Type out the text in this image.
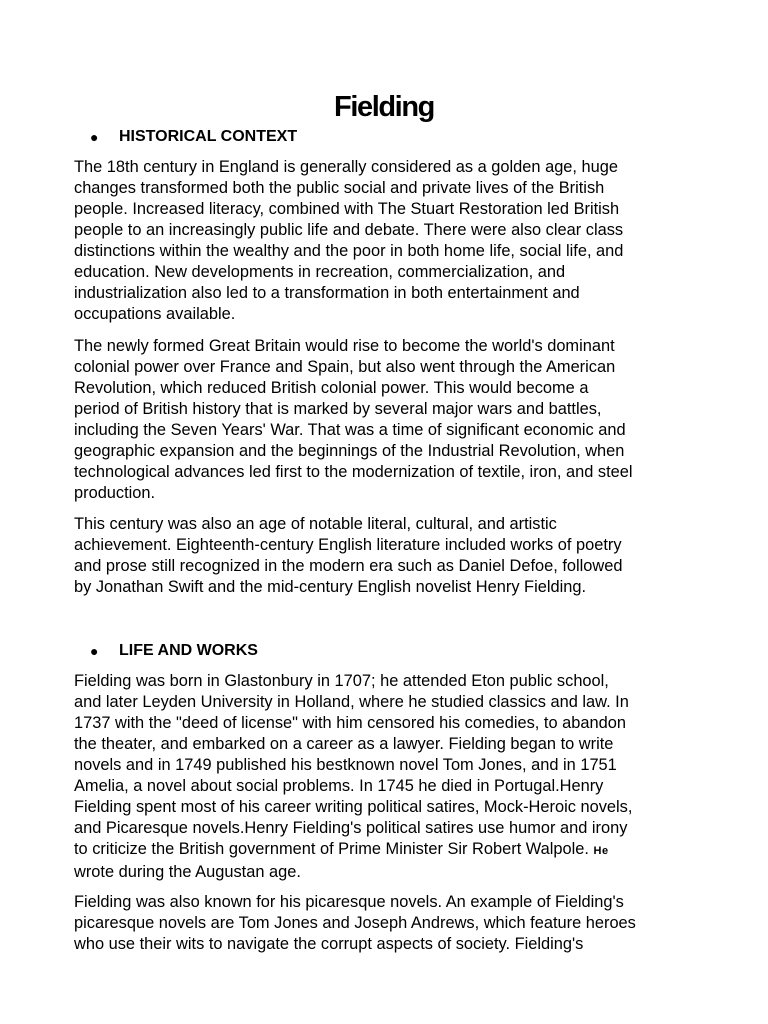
Fielding
● HISTORICAL CONTEXT

The 18th century in England is generally considered as a golden age, huge
changes transformed both the public social and private lives of the British
people. Increased literacy, combined with The Stuart Restoration led British
people to an increasingly public life and debate. There were also clear class
distinctions within the wealthy and the poor in both home life, social life, and
education. New developments in recreation, commercialization, and
industrialization also led to a transformation in both entertainment and
occupations available.

The newly formed Great Britain would rise to become the world's dominant
colonial power over France and Spain, but also went through the American
Revolution, which reduced British colonial power. This would become a
period of British history that is marked by several major wars and battles,
including the Seven Years' War. That was a time of significant economic and
geographic expansion and the beginnings of the Industrial Revolution, when
technological advances led first to the modernization of textile, iron, and steel
production.

This century was also an age of notable literal, cultural, and artistic
achievement. Eighteenth-century English literature included works of poetry
and prose still recognized in the modern era such as Daniel Defoe, followed
by Jonathan Swift and the mid-century English novelist Henry Fielding.

● LIFE AND WORKS

Fielding was born in Glastonbury in 1707; he attended Eton public school,
and later Leyden University in Holland, where he studied classics and law. In
1737 with the "deed of license" with him censored his comedies, to abandon
the theater, and embarked on a career as a lawyer. Fielding began to write
novels and in 1749 published his bestknown novel Tom Jones, and in 1751
Amelia, a novel about social problems. In 1745 he died in Portugal.Henry
Fielding spent most of his career writing political satires, Mock-Heroic novels,
and Picaresque novels.Henry Fielding's political satires use humor and irony
to criticize the British government of Prime Minister Sir Robert Walpole. He
wrote during the Augustan age.

Fielding was also known for his picaresque novels. An example of Fielding's
picaresque novels are Tom Jones and Joseph Andrews, which feature heroes
who use their wits to navigate the corrupt aspects of society. Fielding's
